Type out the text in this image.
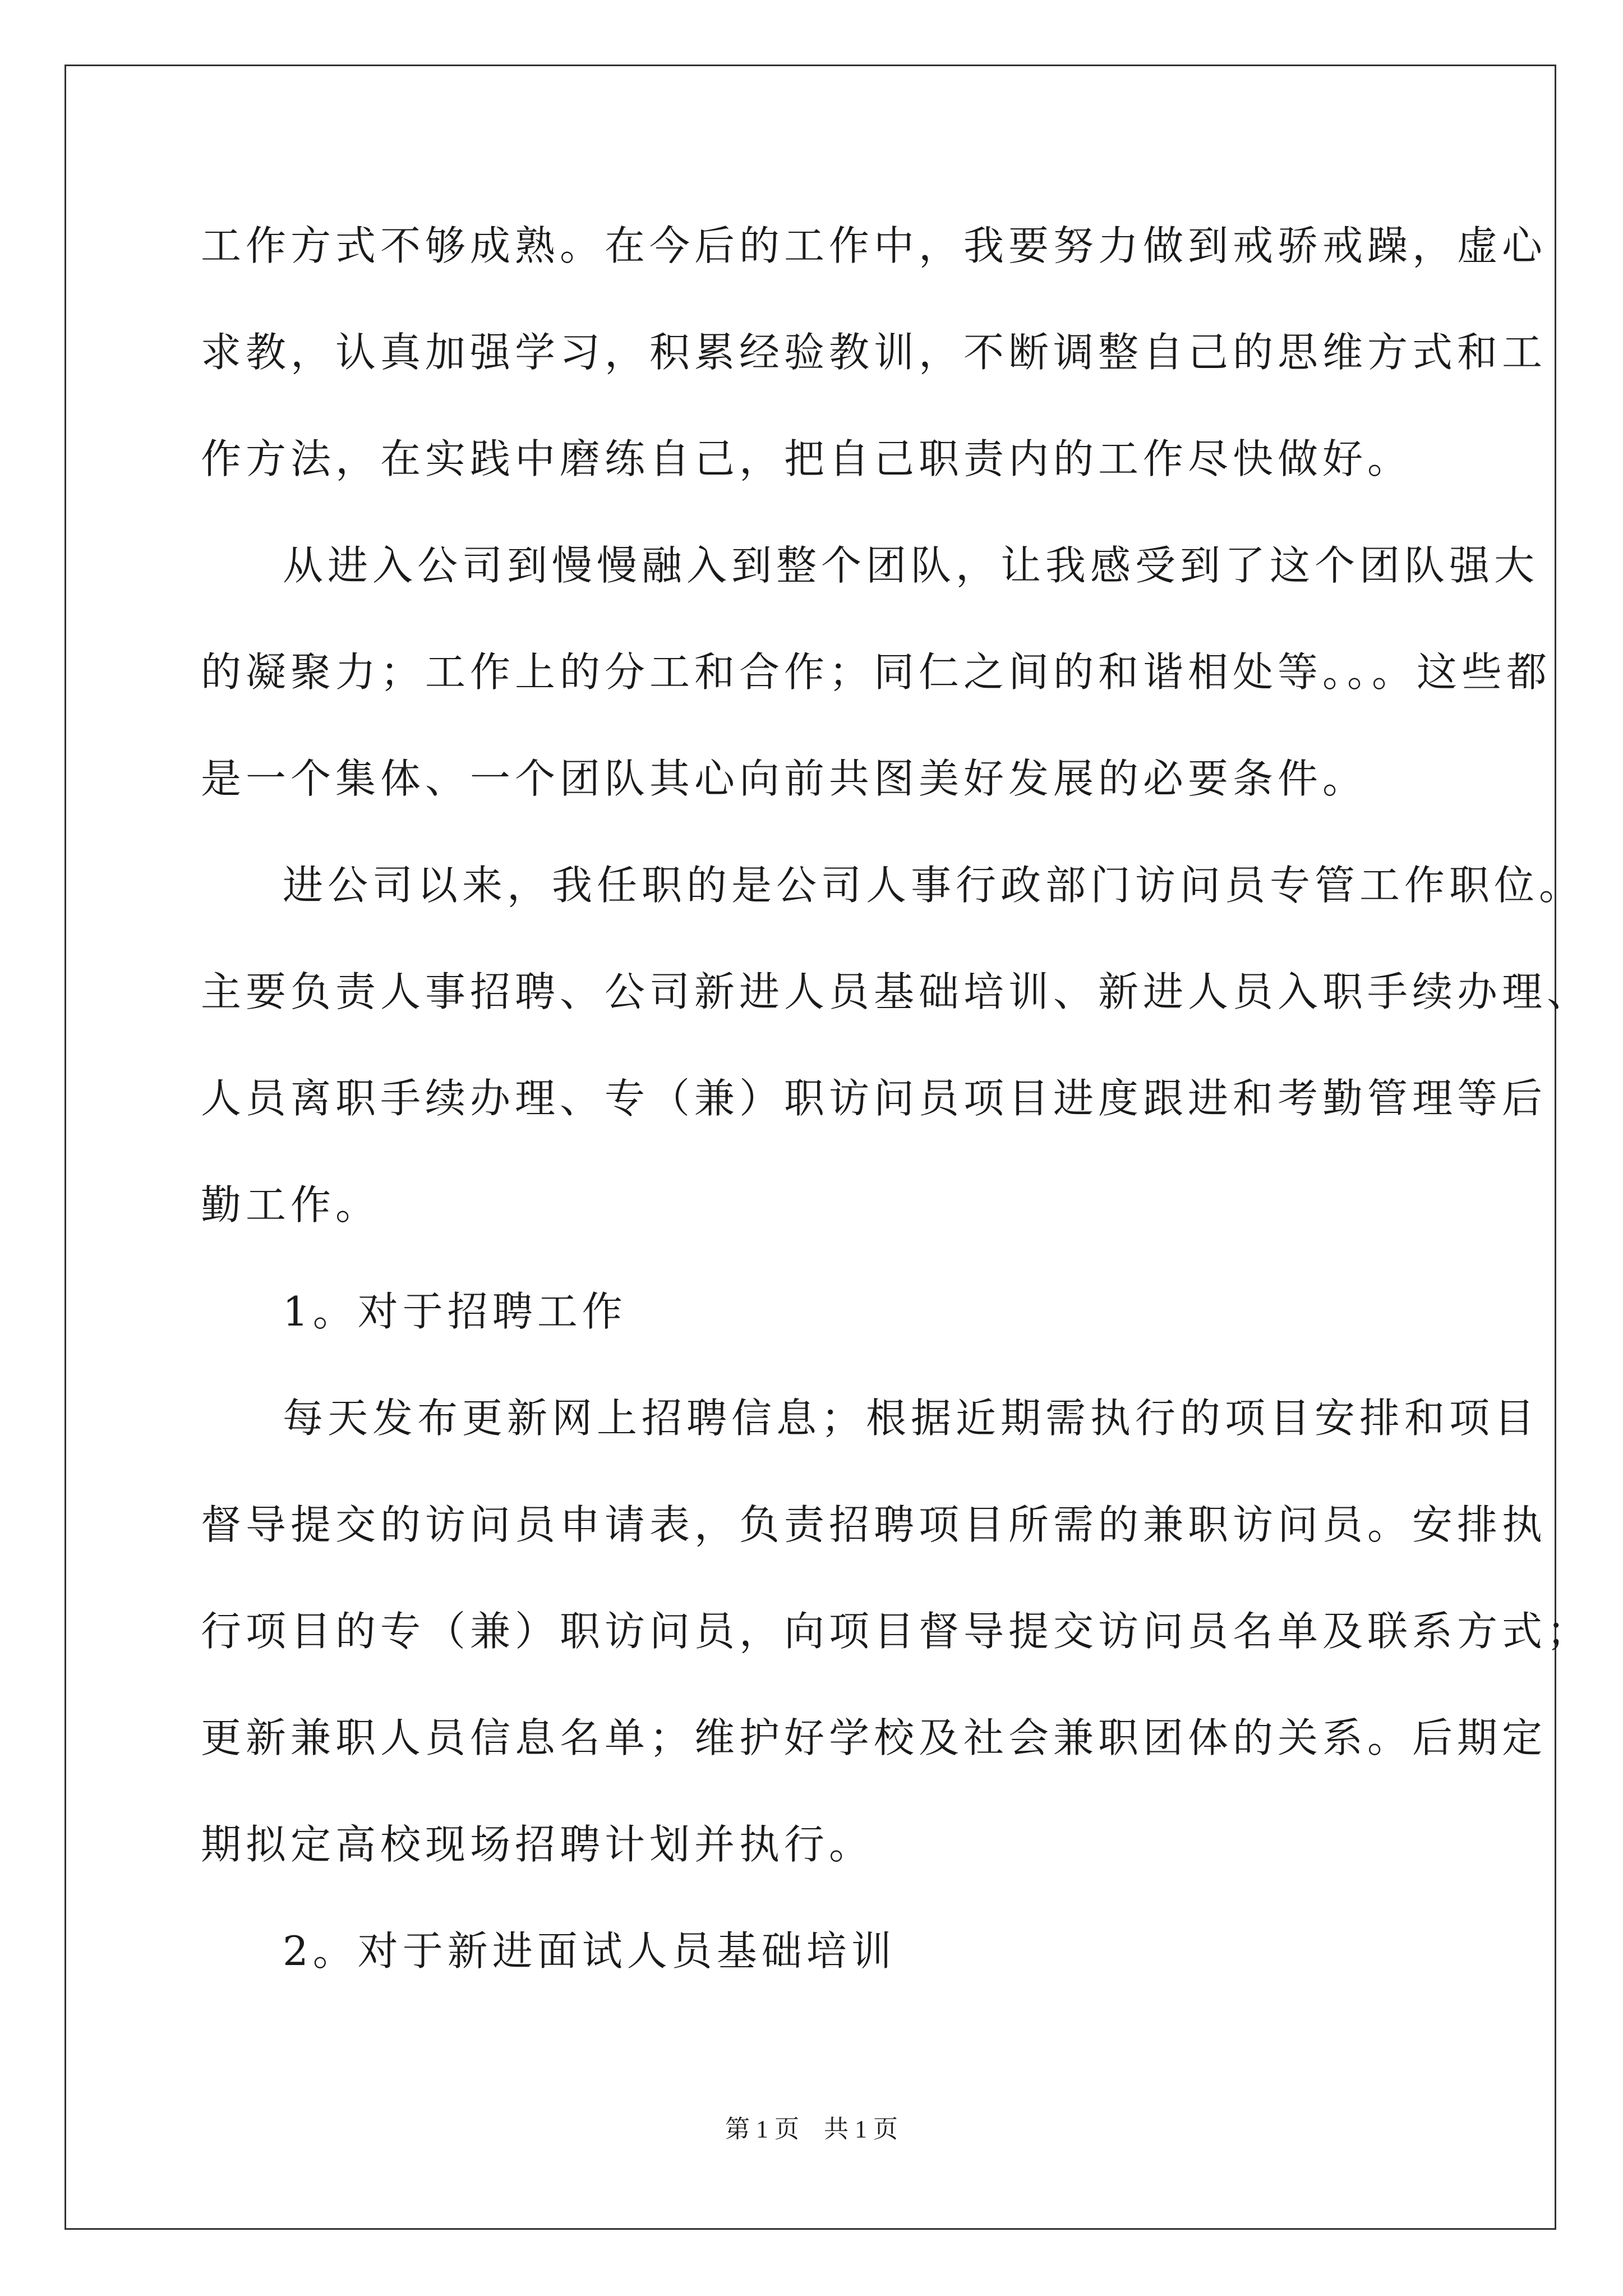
工作方式不够成熟。在今后的工作中，我要努力做到戒骄戒躁，虚心
求教，认真加强学习，积累经验教训，不断调整自己的思维方式和工
作方法，在实践中磨练自己，把自己职责内的工作尽快做好。
从进入公司到慢慢融入到整个团队，让我感受到了这个团队强大
的凝聚力；工作上的分工和合作；同仁之间的和谐相处等。。。这些都
是一个集体、一个团队其心向前共图美好发展的必要条件。
进公司以来，我任职的是公司人事行政部门访问员专管工作职位。
主要负责人事招聘、公司新进人员基础培训、新进人员入职手续办理、
人员离职手续办理、专（兼）职访问员项目进度跟进和考勤管理等后
勤工作。
1。对于招聘工作
每天发布更新网上招聘信息；根据近期需执行的项目安排和项目
督导提交的访问员申请表，负责招聘项目所需的兼职访问员。安排执
行项目的专（兼）职访问员，向项目督导提交访问员名单及联系方式；
更新兼职人员信息名单；维护好学校及社会兼职团体的关系。后期定
期拟定高校现场招聘计划并执行。
2。对于新进面试人员基础培训
第 1 页　共 1 页
